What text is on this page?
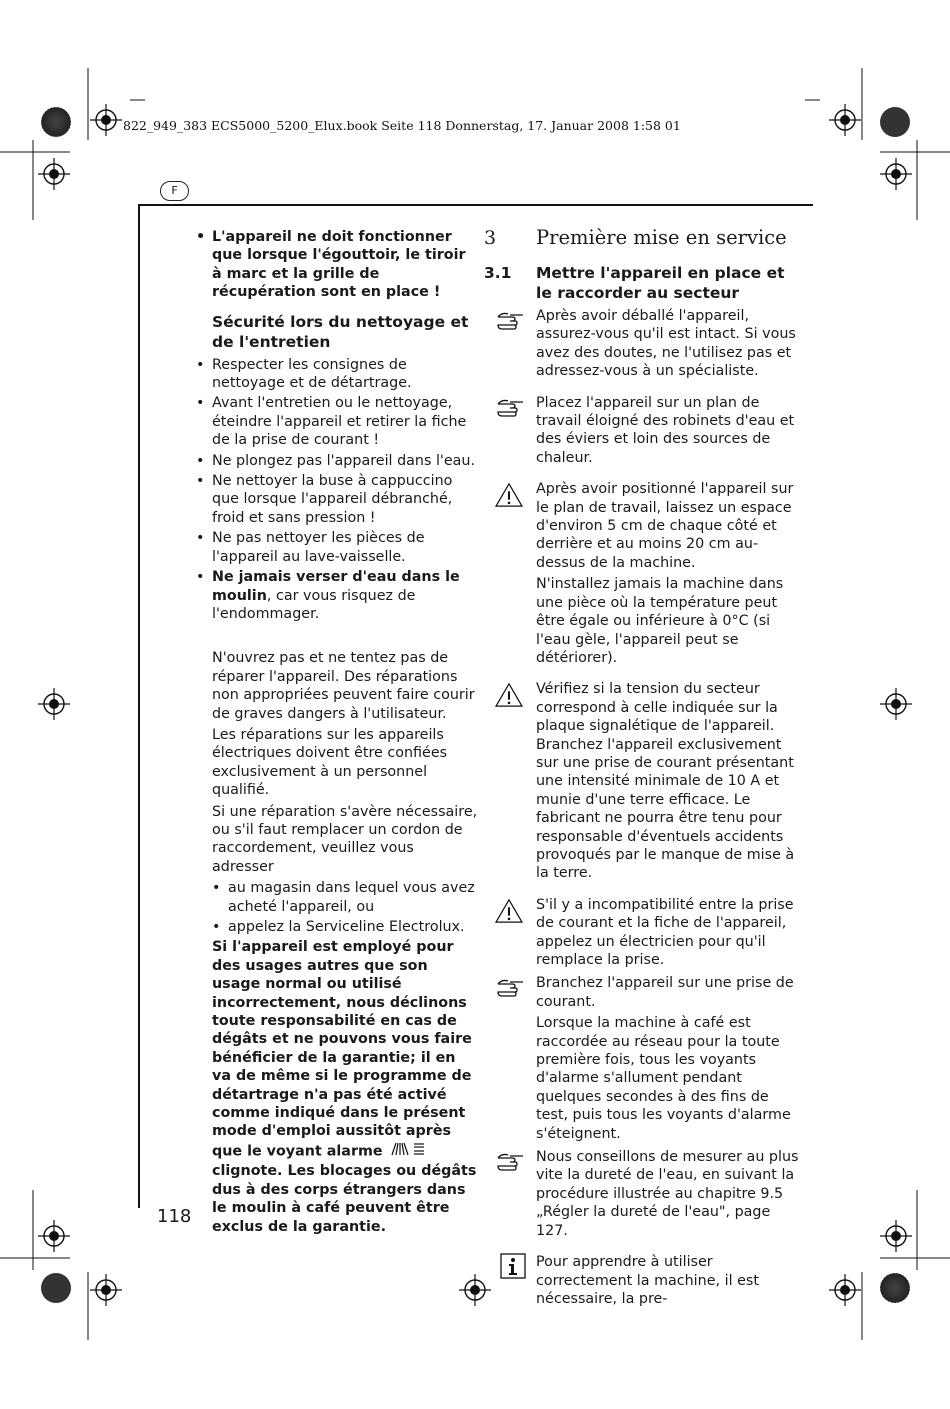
822_949_383 ECS5000_5200_Elux.book Seite 118 Donnerstag, 17. Januar 2008 1:58 01
F
• L'appareil ne doit fonctionner que lorsque l'égouttoir, le tiroir à marc et la grille de récupération sont en place !
Sécurité lors du nettoyage et de l'entretien
• Respecter les consignes de nettoyage et de détartrage.
• Avant l'entretien ou le nettoyage, éteindre l'appareil et retirer la fiche de la prise de courant !
• Ne plongez pas l'appareil dans l'eau.
• Ne nettoyer la buse à cappuccino que lorsque l'appareil débranché, froid et sans pression !
• Ne pas nettoyer les pièces de l'appareil au lave-vaisselle.
• Ne jamais verser d'eau dans le moulin, car vous risquez de l'endommager.

N'ouvrez pas et ne tentez pas de réparer l'appareil. Des réparations non appropriées peuvent faire courir de graves dangers à l'utilisateur.

Les réparations sur les appareils électriques doivent être confiées exclusivement à un personnel qualifié.

Si une réparation s'avère nécessaire, ou s'il faut remplacer un cordon de raccordement, veuillez vous adresser

• au magasin dans lequel vous avez acheté l'appareil, ou
• appelez la Serviceline Electrolux.

Si l'appareil est employé pour des usages autres que son usage normal ou utilisé incorrectement, nous déclinons toute responsabilité en cas de dégâts et ne pouvons vous faire bénéficier de la garantie; il en va de même si le programme de détartrage n'a pas été activé comme indiqué dans le présent mode d'emploi aussitôt après que le voyant alarme  clignote. Les blocages ou dégâts dus à des corps étrangers dans le moulin à café peuvent être exclus de la garantie.

3 Première mise en service
3.1 Mettre l'appareil en place et le raccorder au secteur
Après avoir déballé l'appareil, assurez-vous qu'il est intact. Si vous avez des doutes, ne l'utilisez pas et adressez-vous à un spécialiste.
Placez l'appareil sur un plan de travail éloigné des robinets d'eau et des éviers et loin des sources de chaleur.

Après avoir positionné l'appareil sur le plan de travail, laissez un espace d'environ 5 cm de chaque côté et derrière et au moins 20 cm au-dessus de la machine.

N'installez jamais la machine dans une pièce où la température peut être égale ou inférieure à 0°C (si l'eau gèle, l'appareil peut se détériorer).

Vérifiez si la tension du secteur correspond à celle indiquée sur la plaque signalétique de l'appareil. Branchez l'appareil exclusivement sur une prise de courant présentant une intensité minimale de 10 A et munie d'une terre efficace. Le fabricant ne pourra être tenu pour responsable d'éventuels accidents provoqués par le manque de mise à la terre.
S'il y a incompatibilité entre la prise de courant et la fiche de l'appareil, appelez un électricien pour qu'il remplace la prise.

Branchez l'appareil sur une prise de courant.

Lorsque la machine à café est raccordée au réseau pour la toute première fois, tous les voyants d'alarme s'allument pendant quelques secondes à des fins de test, puis tous les voyants d'alarme s'éteignent.

Nous conseillons de mesurer au plus vite la dureté de l'eau, en suivant la procédure illustrée au chapitre 9.5 „Régler la dureté de l'eau", page 127.
Pour apprendre à utiliser correctement la machine, il est nécessaire, la pre-
118
